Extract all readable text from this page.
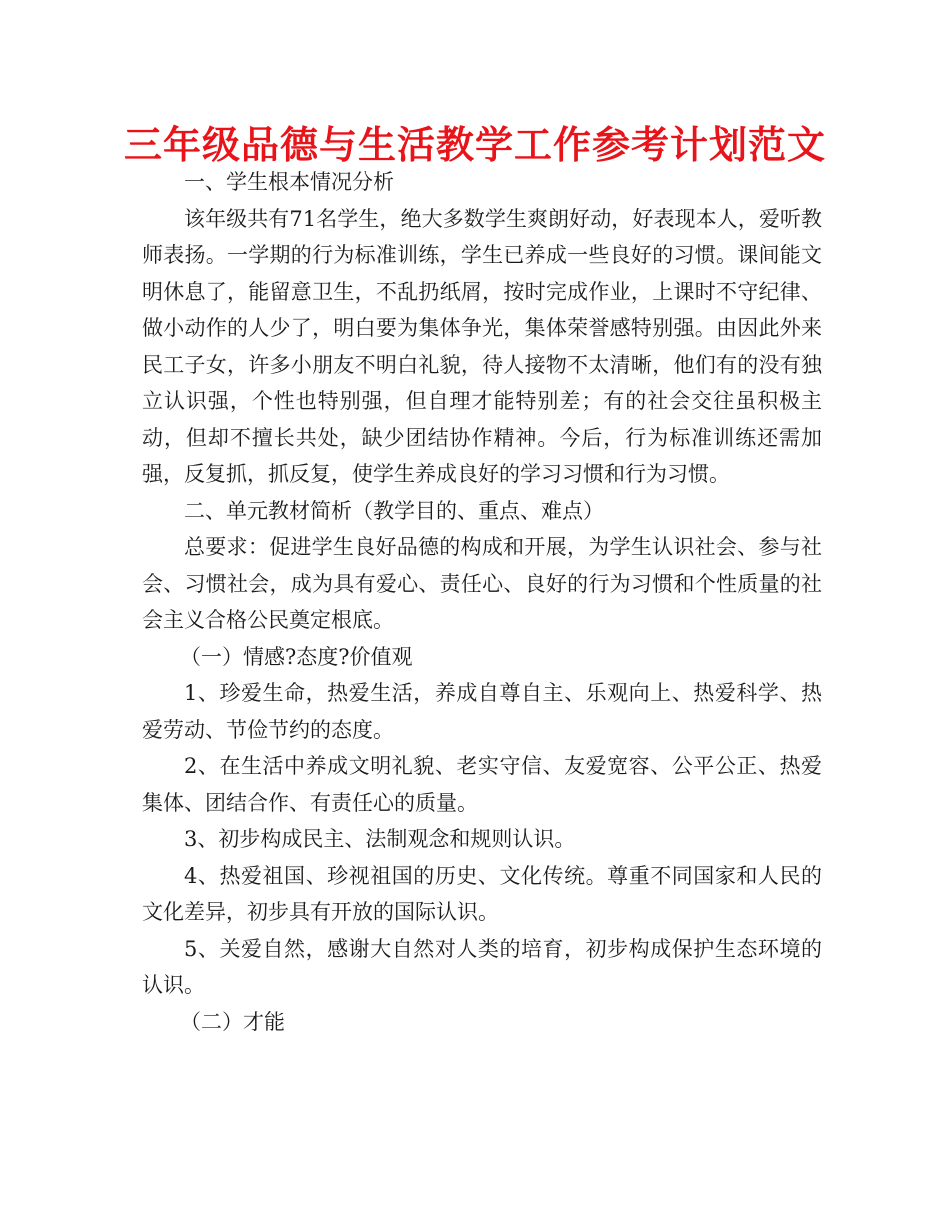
三年级品德与生活教学工作参考计划范文

一、学生根本情况分析

该年级共有71名学生，绝大多数学生爽朗好动，好表现本人，爱听教师表扬。一学期的行为标准训练，学生已养成一些良好的习惯。课间能文明休息了，能留意卫生，不乱扔纸屑，按时完成作业，上课时不守纪律、做小动作的人少了，明白要为集体争光，集体荣誉感特别强。由因此外来民工子女，许多小朋友不明白礼貌，待人接物不太清晰，他们有的没有独立认识强，个性也特别强，但自理才能特别差；有的社会交往虽积极主动，但却不擅长共处，缺少团结协作精神。今后，行为标准训练还需加强，反复抓，抓反复，使学生养成良好的学习习惯和行为习惯。

二、单元教材简析（教学目的、重点、难点）

总要求：促进学生良好品德的构成和开展，为学生认识社会、参与社会、习惯社会，成为具有爱心、责任心、良好的行为习惯和个性质量的社会主义合格公民奠定根底。

（一）情感?态度?价值观

1、珍爱生命，热爱生活，养成自尊自主、乐观向上、热爱科学、热爱劳动、节俭节约的态度。

2、在生活中养成文明礼貌、老实守信、友爱宽容、公平公正、热爱集体、团结合作、有责任心的质量。

3、初步构成民主、法制观念和规则认识。

4、热爱祖国、珍视祖国的历史、文化传统。尊重不同国家和人民的文化差异，初步具有开放的国际认识。

5、关爱自然，感谢大自然对人类的培育，初步构成保护生态环境的认识。

（二）才能
